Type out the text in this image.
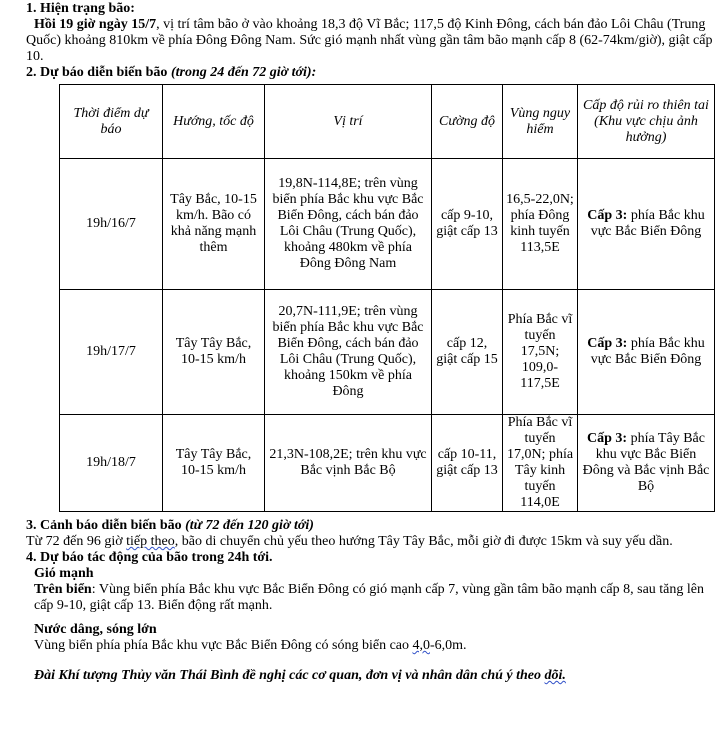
1. Hiện trạng bão:

Hồi 19 giờ ngày 15/7, vị trí tâm bão ở vào khoảng 18,3 độ Vĩ Bắc; 117,5 độ Kinh Đông, cách bán đảo Lôi Châu (Trung Quốc) khoảng 810km về phía Đông Đông Nam. Sức gió mạnh nhất vùng gần tâm bão mạnh cấp 8 (62-74km/giờ), giật cấp 10.

2. Dự báo diễn biến bão (trong 24 đến 72 giờ tới):

Thời điểm dự báo	Hướng, tốc độ	Vị trí	Cường độ	Vùng nguy hiểm	Cấp độ rủi ro thiên tai (Khu vực chịu ảnh hưởng)
19h/16/7	Tây Bắc, 10-15 km/h. Bão có khả năng mạnh thêm	19,8N-114,8E; trên vùng biển phía Bắc khu vực Bắc Biển Đông, cách bán đảo Lôi Châu (Trung Quốc), khoảng 480km về phía Đông Đông Nam	cấp 9-10, giật cấp 13	16,5-22,0N; phía Đông kinh tuyến 113,5E	Cấp 3: phía Bắc khu vực Bắc Biển Đông
19h/17/7	Tây Tây Bắc, 10-15 km/h	20,7N-111,9E; trên vùng biển phía Bắc khu vực Bắc Biển Đông, cách bán đảo Lôi Châu (Trung Quốc), khoảng 150km về phía Đông	cấp 12, giật cấp 15	Phía Bắc vĩ tuyến 17,5N; 109,0-117,5E	Cấp 3: phía Bắc khu vực Bắc Biển Đông
19h/18/7	Tây Tây Bắc, 10-15 km/h	21,3N-108,2E; trên khu vực Bắc vịnh Bắc Bộ	cấp 10-11, giật cấp 13	Phía Bắc vĩ tuyến 17,0N; phía Tây kinh tuyến 114,0E	Cấp 3: phía Tây Bắc khu vực Bắc Biển Đông và Bắc vịnh Bắc Bộ

3. Cảnh báo diễn biến bão (từ 72 đến 120 giờ tới)

Từ 72 đến 96 giờ tiếp theo, bão di chuyển chủ yếu theo hướng Tây Tây Bắc, mỗi giờ đi được 15km và suy yếu dần.

4. Dự báo tác động của bão trong 24h tới.

Gió mạnh

Trên biển: Vùng biển phía Bắc khu vực Bắc Biển Đông có gió mạnh cấp 7, vùng gần tâm bão mạnh cấp 8, sau tăng lên cấp 9-10, giật cấp 13. Biển động rất mạnh.

Nước dâng, sóng lớn

Vùng biển phía phía Bắc khu vực Bắc Biển Đông có sóng biển cao 4,0-6,0m.

Đài Khí tượng Thủy văn Thái Bình đề nghị các cơ quan, đơn vị và nhân dân chú ý theo dõi.
